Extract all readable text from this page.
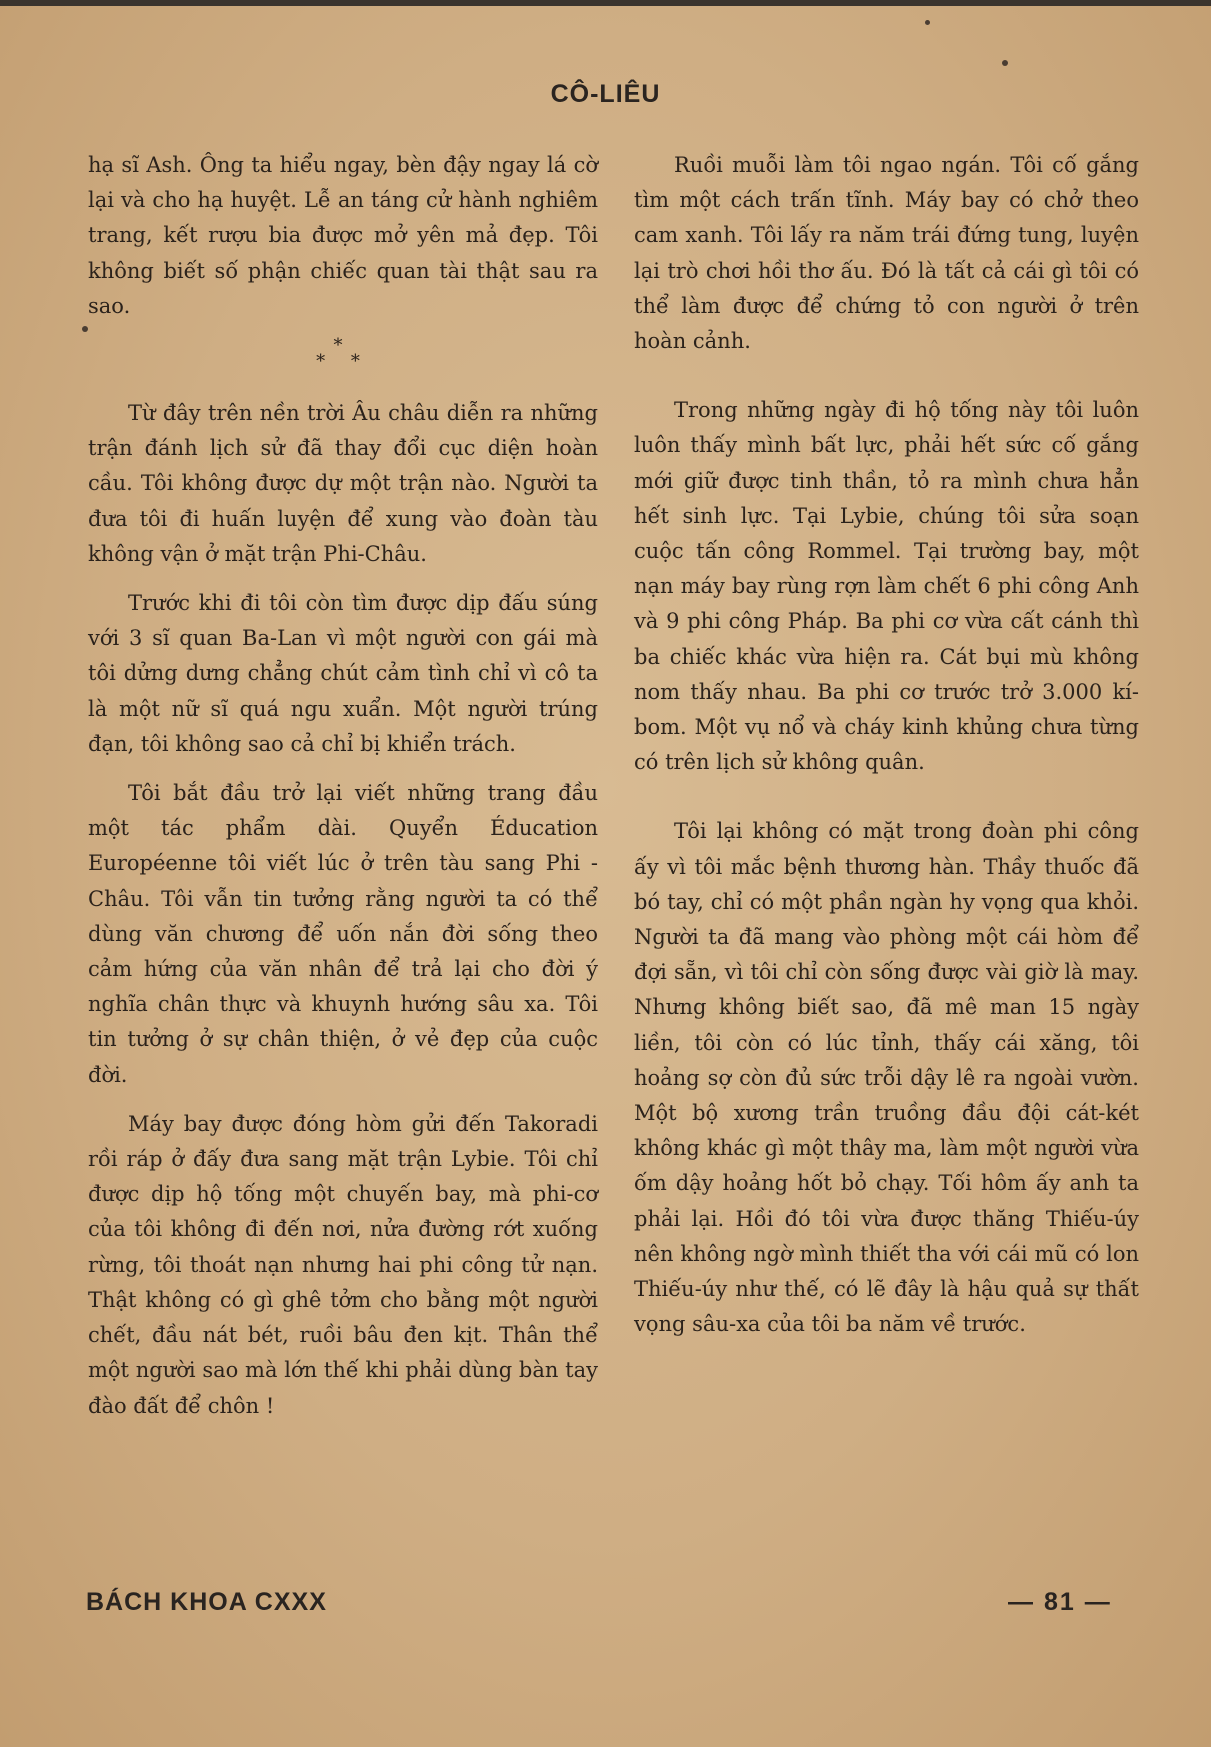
CÔ-LIÊU

hạ sĩ Ash. Ông ta hiểu ngay, bèn đậy ngay lá cờ lại và cho hạ huyệt. Lễ an táng cử hành nghiêm trang, kết rượu bia được mở yên mả đẹp. Tôi không biết số phận chiếc quan tài thật sau ra sao.

*
* *

Từ đây trên nền trời Âu châu diễn ra những trận đánh lịch sử đã thay đổi cục diện hoàn cầu. Tôi không được dự một trận nào. Người ta đưa tôi đi huấn luyện để xung vào đoàn tàu không vận ở mặt trận Phi-Châu.

Trước khi đi tôi còn tìm được dịp đấu súng với 3 sĩ quan Ba-Lan vì một người con gái mà tôi dửng dưng chẳng chút cảm tình chỉ vì cô ta là một nữ sĩ quá ngu xuẩn. Một người trúng đạn, tôi không sao cả chỉ bị khiển trách.

Tôi bắt đầu trở lại viết những trang đầu một tác phẩm dài. Quyển Éducation Européenne tôi viết lúc ở trên tàu sang Phi - Châu. Tôi vẫn tin tưởng rằng người ta có thể dùng văn chương để uốn nắn đời sống theo cảm hứng của văn nhân để trả lại cho đời ý nghĩa chân thực và khuynh hướng sâu xa. Tôi tin tưởng ở sự chân thiện, ở vẻ đẹp của cuộc đời.

Máy bay được đóng hòm gửi đến Takoradi rồi ráp ở đấy đưa sang mặt trận Lybie. Tôi chỉ được dịp hộ tống một chuyến bay, mà phi-cơ của tôi không đi đến nơi, nửa đường rớt xuống rừng, tôi thoát nạn nhưng hai phi công tử nạn. Thật không có gì ghê tởm cho bằng một người chết, đầu nát bét, ruồi bâu đen kịt. Thân thể một người sao mà lớn thế khi phải dùng bàn tay đào đất để chôn !

Ruồi muỗi làm tôi ngao ngán. Tôi cố gắng tìm một cách trấn tĩnh. Máy bay có chở theo cam xanh. Tôi lấy ra năm trái đứng tung, luyện lại trò chơi hồi thơ ấu. Đó là tất cả cái gì tôi có thể làm được để chứng tỏ con người ở trên hoàn cảnh.

Trong những ngày đi hộ tống này tôi luôn luôn thấy mình bất lực, phải hết sức cố gắng mới giữ được tinh thần, tỏ ra mình chưa hẳn hết sinh lực. Tại Lybie, chúng tôi sửa soạn cuộc tấn công Rommel. Tại trường bay, một nạn máy bay rùng rợn làm chết 6 phi công Anh và 9 phi công Pháp. Ba phi cơ vừa cất cánh thì ba chiếc khác vừa hiện ra. Cát bụi mù không nom thấy nhau. Ba phi cơ trước trở 3.000 kí-bom. Một vụ nổ và cháy kinh khủng chưa từng có trên lịch sử không quân.

Tôi lại không có mặt trong đoàn phi công ấy vì tôi mắc bệnh thương hàn. Thầy thuốc đã bó tay, chỉ có một phần ngàn hy vọng qua khỏi. Người ta đã mang vào phòng một cái hòm để đợi sẵn, vì tôi chỉ còn sống được vài giờ là may. Nhưng không biết sao, đã mê man 15 ngày liền, tôi còn có lúc tỉnh, thấy cái xăng, tôi hoảng sợ còn đủ sức trỗi dậy lê ra ngoài vườn. Một bộ xương trần truồng đầu đội cát-két không khác gì một thây ma, làm một người vừa ốm dậy hoảng hốt bỏ chạy. Tối hôm ấy anh ta phải lại. Hồi đó tôi vừa được thăng Thiếu-úy nên không ngờ mình thiết tha với cái mũ có lon Thiếu-úy như thế, có lẽ đây là hậu quả sự thất vọng sâu-xa của tôi ba năm về trước.

BÁCH KHOA CXXX	— 81 —
